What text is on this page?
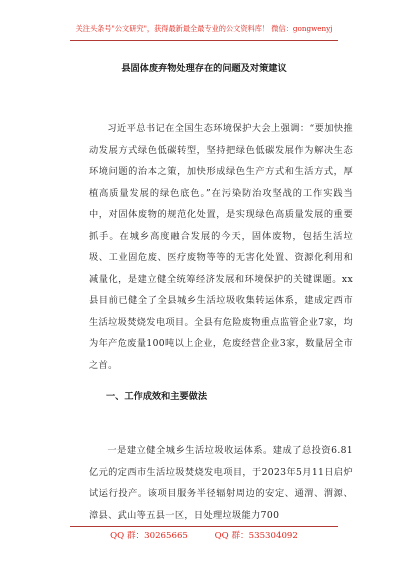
关注头条号"公文研究"，获得最新最全最专业的公文资料库！ 微信：gongwenyj
县固体废弃物处理存在的问题及对策建议

习近平总书记在全国生态环境保护大会上强调：“要加快推动发展方式绿色低碳转型，坚持把绿色低碳发展作为解决生态环境问题的治本之策，加快形成绿色生产方式和生活方式，厚植高质量发展的绿色底色。”在污染防治攻坚战的工作实践当中，对固体废物的规范化处置，是实现绿色高质量发展的重要抓手。在城乡高度融合发展的今天，固体废物，包括生活垃圾、工业固危废、医疗废物等等的无害化处置、资源化利用和减量化，是建立健全统筹经济发展和环境保护的关键课题。xx县目前已健全了全县城乡生活垃圾收集转运体系，建成定西市生活垃圾焚烧发电项目。全县有危险废物重点监管企业7家，均为年产危废量100吨以上企业，危废经营企业3家，数量居全市之首。

一、工作成效和主要做法

一是建立健全城乡生活垃圾收运体系。建成了总投资6.81亿元的定西市生活垃圾焚烧发电项目，于2023年5月11日启炉试运行投产。该项目服务半径辐射周边的安定、通渭、渭源、漳县、武山等五县一区，日处理垃圾能力700

QQ 群：30265665	QQ 群：535304092
